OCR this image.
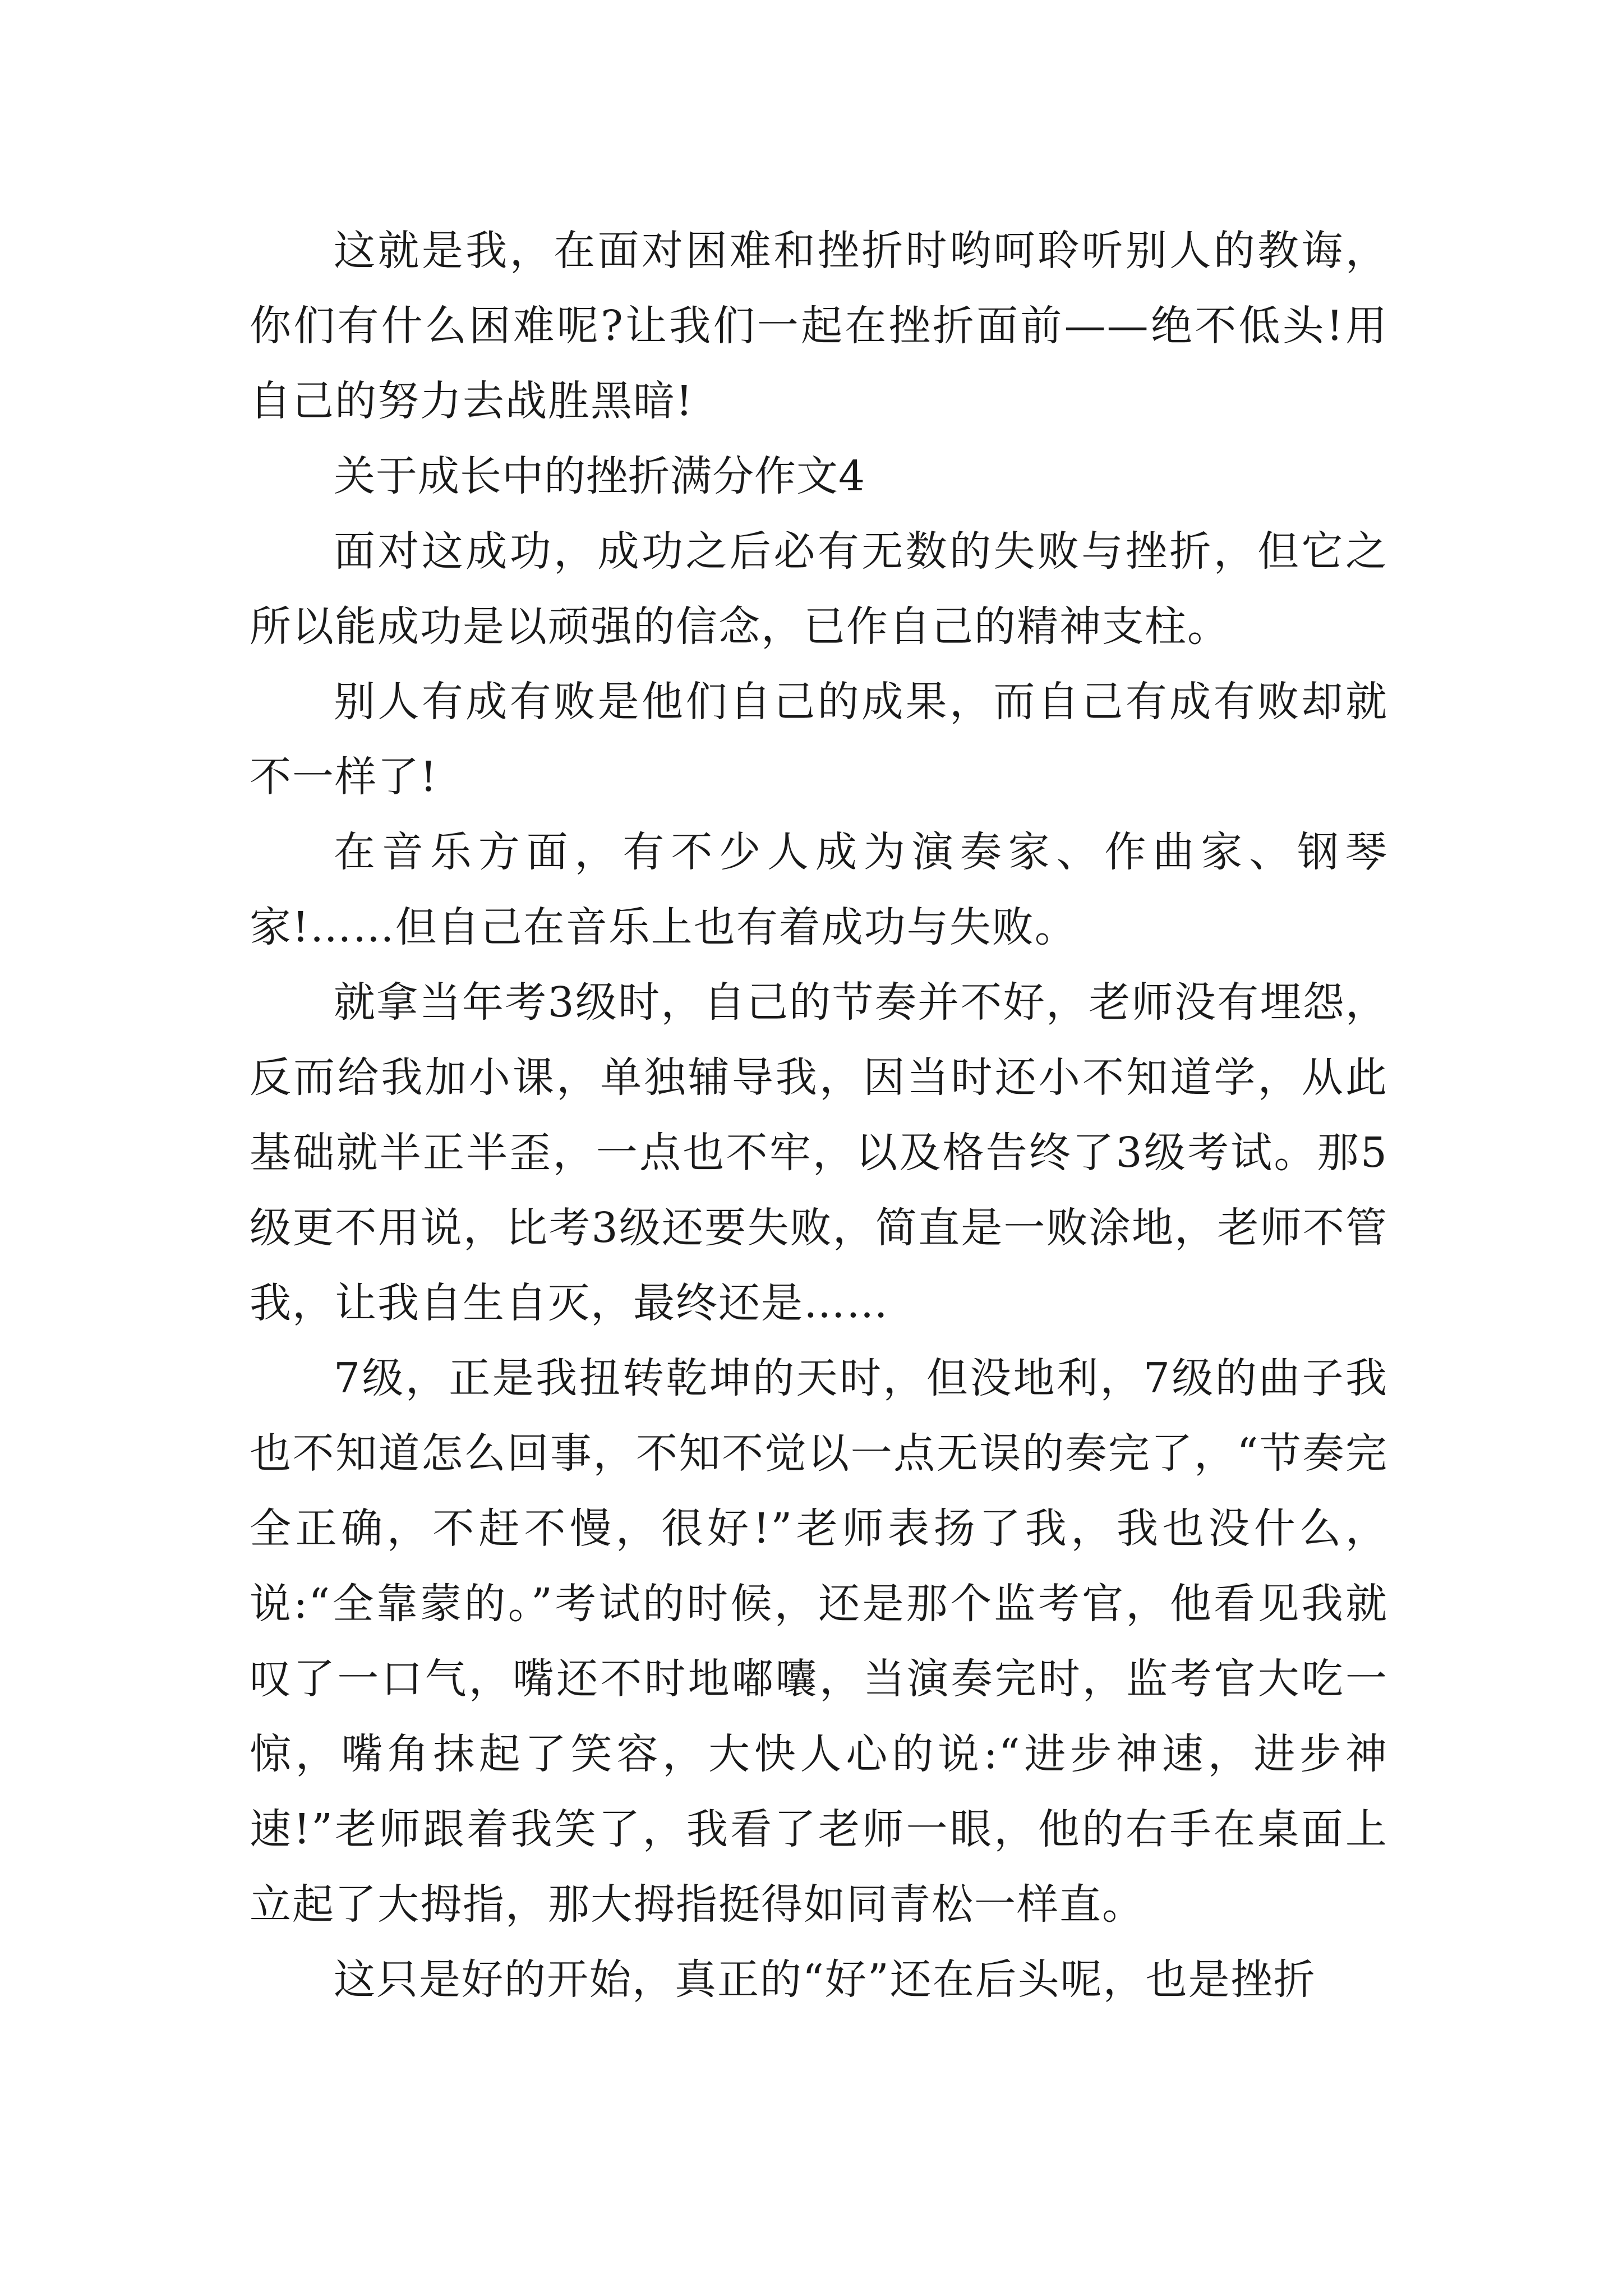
这就是我，在面对困难和挫折时哟呵聆听别人的教诲，你们有什么困难呢?让我们一起在挫折面前——绝不低头!用自己的努力去战胜黑暗!

关于成长中的挫折满分作文4

面对这成功，成功之后必有无数的失败与挫折，但它之所以能成功是以顽强的信念，已作自己的精神支柱。

别人有成有败是他们自己的成果，而自己有成有败却就不一样了!

在音乐方面，有不少人成为演奏家、作曲家、钢琴家!……但自己在音乐上也有着成功与失败。

就拿当年考3级时，自己的节奏并不好，老师没有埋怨，反而给我加小课，单独辅导我，因当时还小不知道学，从此基础就半正半歪，一点也不牢，以及格告终了3级考试。那5级更不用说，比考3级还要失败，简直是一败涂地，老师不管我，让我自生自灭，最终还是……

7级，正是我扭转乾坤的天时，但没地利，7级的曲子我也不知道怎么回事，不知不觉以一点无误的奏完了，“节奏完全正确，不赶不慢，很好!”老师表扬了我，我也没什么，说:“全靠蒙的。”考试的时候，还是那个监考官，他看见我就叹了一口气，嘴还不时地嘟囔，当演奏完时，监考官大吃一惊，嘴角抹起了笑容，大快人心的说:“进步神速，进步神速!”老师跟着我笑了，我看了老师一眼，他的右手在桌面上立起了大拇指，那大拇指挺得如同青松一样直。

这只是好的开始，真正的“好”还在后头呢，也是挫折
